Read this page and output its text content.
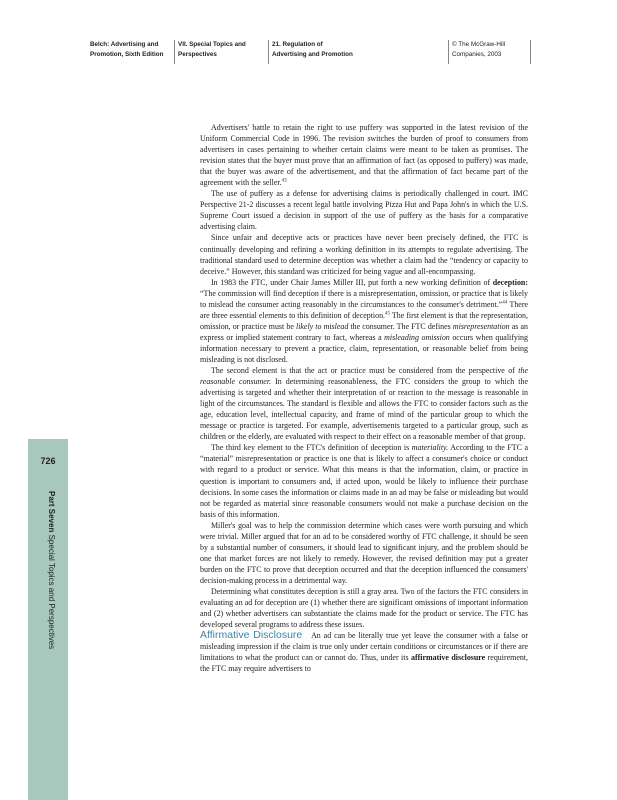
Belch: Advertising and
Promotion, Sixth Edition
VII. Special Topics and
Perspectives
21. Regulation of
Advertising and Promotion
© The McGraw-Hill
Companies, 2003
726
Part Seven Special Topics and Perspectives

Advertisers' battle to retain the right to use puffery was supported in the latest revision of the Uniform Commercial Code in 1996. The revision switches the burden of proof to consumers from advertisers in cases pertaining to whether certain claims were meant to be taken as promises. The revision states that the buyer must prove that an affirmation of fact (as opposed to puffery) was made, that the buyer was aware of the advertisement, and that the affirmation of fact became part of the agreement with the seller.$^{43}$

The use of puffery as a defense for advertising claims is periodically challenged in court. IMC Perspective 21-2 discusses a recent legal battle involving Pizza Hut and Papa John's in which the U.S. Supreme Court issued a decision in support of the use of puffery as the basis for a comparative advertising claim.

Since unfair and deceptive acts or practices have never been precisely defined, the FTC is continually developing and refining a working definition in its attempts to regulate advertising. The traditional standard used to determine deception was whether a claim had the “tendency or capacity to deceive.” However, this standard was criticized for being vague and all-encompassing.

In 1983 the FTC, under Chair James Miller III, put forth a new working definition of deception: “The commission will find deception if there is a misrepresentation, omission, or practice that is likely to mislead the consumer acting reasonably in the circumstances to the consumer's detriment.”$^{44}$ There are three essential elements to this definition of deception.$^{45}$ The first element is that the representation, omission, or practice must be likely to mislead the consumer. The FTC defines misrepresentation as an express or implied statement contrary to fact, whereas a misleading omission occurs when qualifying information necessary to prevent a practice, claim, representation, or reasonable belief from being misleading is not disclosed.

The second element is that the act or practice must be considered from the perspective of the reasonable consumer. In determining reasonableness, the FTC considers the group to which the advertising is targeted and whether their interpretation of or reaction to the message is reasonable in light of the circumstances. The standard is flexible and allows the FTC to consider factors such as the age, education level, intellectual capacity, and frame of mind of the particular group to which the message or practice is targeted. For example, advertisements targeted to a particular group, such as children or the elderly, are evaluated with respect to their effect on a reasonable member of that group.

The third key element to the FTC's definition of deception is materiality. According to the FTC a “material” misrepresentation or practice is one that is likely to affect a consumer's choice or conduct with regard to a product or service. What this means is that the information, claim, or practice in question is important to consumers and, if acted upon, would be likely to influence their purchase decisions. In some cases the information or claims made in an ad may be false or misleading but would not be regarded as material since reasonable consumers would not make a purchase decision on the basis of this information.

Miller's goal was to help the commission determine which cases were worth pursuing and which were trivial. Miller argued that for an ad to be considered worthy of FTC challenge, it should be seen by a substantial number of consumers, it should lead to significant injury, and the problem should be one that market forces are not likely to remedy. However, the revised definition may put a greater burden on the FTC to prove that deception occurred and that the deception influenced the consumers' decision-making process in a detrimental way.

Determining what constitutes deception is still a gray area. Two of the factors the FTC considers in evaluating an ad for deception are (1) whether there are significant omissions of important information and (2) whether advertisers can substantiate the claims made for the product or service. The FTC has developed several programs to address these issues.

Affirmative Disclosure An ad can be literally true yet leave the consumer with a false or misleading impression if the claim is true only under certain conditions or circumstances or if there are limitations to what the product can or cannot do. Thus, under its affirmative disclosure requirement, the FTC may require advertisers to
